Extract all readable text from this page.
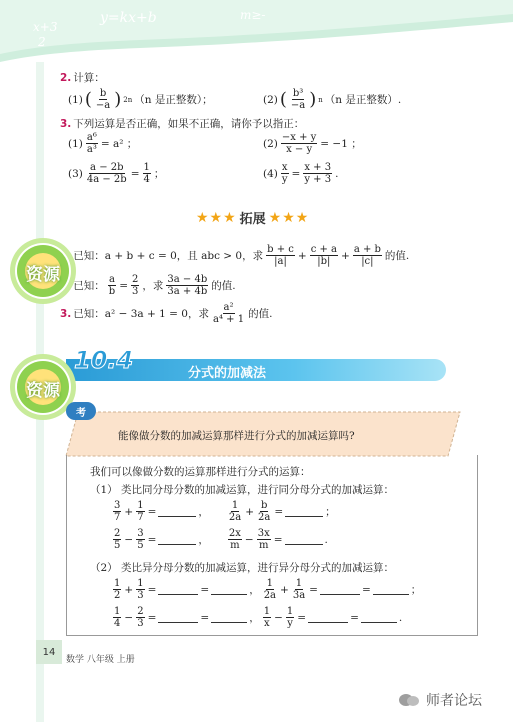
x+3
2
y=kx+b	m≥-
2. 计算：
(1) ( $\frac{b}{-a}$ ) 2n （n 是正整数）；	(2) ( $\frac{\text{b³}}{-a}$ ) n （n 是正整数）.
3. 下列运算是否正确，如果不正确，请你予以指正：
$(1) \frac{\text{a⁶}}{\text{a³}} = a^2$ ；	$(2) \frac{-x + y}{x - y} = -1$ ；
$(3) \frac{a - 2b}{4a - 2b} = \frac{1}{4}$ ；	$(4) \frac{x}{y} = \frac{x + 3}{y + 3}$ .
★★★ 拓展 ★★★
已知：a + b + c = 0，且 abc > 0，求 $\frac{b + c}{|a|} + \frac{c + a}{|b|} + \frac{a + b}{|c|}$ 的值.
已知： $\frac{a}{b} = \frac{2}{3}$ ，求 $\frac{3a - 4b}{3a + 4b}$ 的值.
3. 已知：a² − 3a + 1 = 0，求 $\frac{\text{a²}}{\text{a⁴ + 1}}$ 的值.
资源
10.4	分式的加减法
资源
考
能像做分数的加减运算那样进行分式的加减运算吗?
我们可以像做分数的运算那样进行分式的运算：
（1） 类比同分母分数的加减运算，进行同分母分式的加减运算：
$\frac{3}{7} + \frac{1}{7}$ =	， $\frac{1}{2a} + \frac{b}{2a}$ =	；
$\frac{2}{5} - \frac{3}{5}$ =	， $\frac{2x}{m} - \frac{3x}{m}$ =	.
（2） 类比异分母分数的加减运算，进行异分母分式的加减运算：
$\frac{1}{2} + \frac{1}{3}$ =	=	， $\frac{1}{2a} + \frac{1}{3a}$ =	=	；
$\frac{1}{4} - \frac{2}{3}$ =	=	， $\frac{1}{x} - \frac{1}{y}$ =	=	.
14
数学 八年级 上册
师者论坛
